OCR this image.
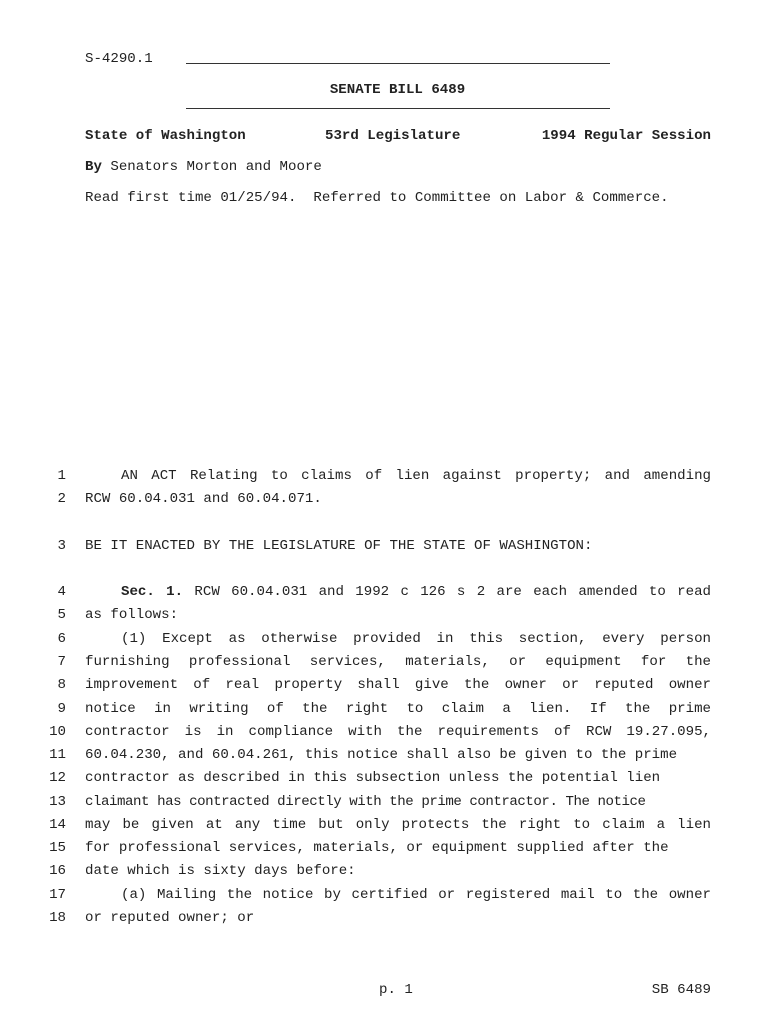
S-4290.1
SENATE BILL 6489
State of Washington	53rd Legislature	1994 Regular Session
By Senators Morton and Moore
Read first time 01/25/94.  Referred to Committee on Labor & Commerce.
1	AN ACT Relating to claims of lien against property; and amending
2 RCW 60.04.031 and 60.04.071.
3 BE IT ENACTED BY THE LEGISLATURE OF THE STATE OF WASHINGTON:
4	Sec. 1. RCW 60.04.031 and 1992 c 126 s 2 are each amended to read
5 as follows:
6	(1) Except as otherwise provided in this section, every person
7 furnishing professional services, materials, or equipment for the
8 improvement of real property shall give the owner or reputed owner
9 notice in writing of the right to claim a lien. If the prime
10 contractor is in compliance with the requirements of RCW 19.27.095,
11 60.04.230, and 60.04.261, this notice shall also be given to the prime
12 contractor as described in this subsection unless the potential lien
13 claimant has contracted directly with the prime contractor. The notice
14 may be given at any time but only protects the right to claim a lien
15 for professional services, materials, or equipment supplied after the
16 date which is sixty days before:
17	(a) Mailing the notice by certified or registered mail to the owner
18 or reputed owner; or
p. 1	SB 6489
